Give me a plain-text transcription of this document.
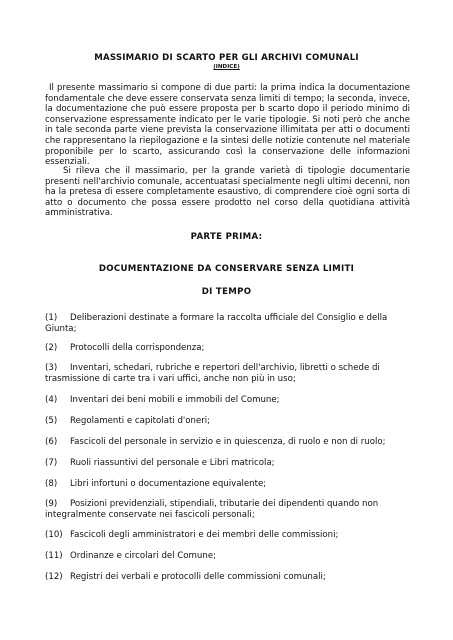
MASSIMARIO DI SCARTO PER GLI ARCHIVI COMUNALI
(INDICE)

Il presente massimario si compone di due parti: la prima indica la documentazione fondamentale che deve essere conservata senza limiti di tempo; la seconda, invece, la documentazione che può essere proposta per b scarto dopo il periodo minimo di conservazione espressamente indicato per le varie tipologie. Si noti però che anche in tale seconda parte viene prevista la conservazione illimitata per atti o documenti che rappresentano la riepilogazione e la sintesi delle notizie contenute nel materiale proponibile per lo scarto, assicurando così la conservazione delle informazioni essenziali.

Si rileva che il massimario, per la grande varietà di tipologie documentarie presenti nell'archivio comunale, accentuatasi specialmente negli ultimi decenni, non ha la pretesa di essere completamente esaustivo, di comprendere cioè ogni sorta di atto o documento che possa essere prodotto nel corso della quotidiana attività amministrativa.

PARTE PRIMA:
DOCUMENTAZIONE DA CONSERVARE SENZA LIMITI
DI TEMPO
(1) Deliberazioni destinate a formare la raccolta ufficiale del Consiglio e della Giunta;
(2) Protocolli della corrispondenza;
(3) Inventari, schedari, rubriche e repertori dell'archivio, libretti o schede di trasmissione di carte tra i vari uffici, anche non più in uso;
(4) Inventari dei beni mobili e immobili del Comune;
(5) Regolamenti e capitolati d'oneri;
(6) Fascicoli del personale in servizio e in quiescenza, di ruolo e non di ruolo;
(7) Ruoli riassuntivi del personale e Libri matricola;
(8) Libri infortuni o documentazione equivalente;
(9) Posizioni previdenziali, stipendiali, tributarie dei dipendenti quando non integralmente conservate nei fascicoli personali;
(10) Fascicoli degli amministratori e dei membri delle commissioni;
(11) Ordinanze e circolari del Comune;
(12) Registri dei verbali e protocolli delle commissioni comunali;
